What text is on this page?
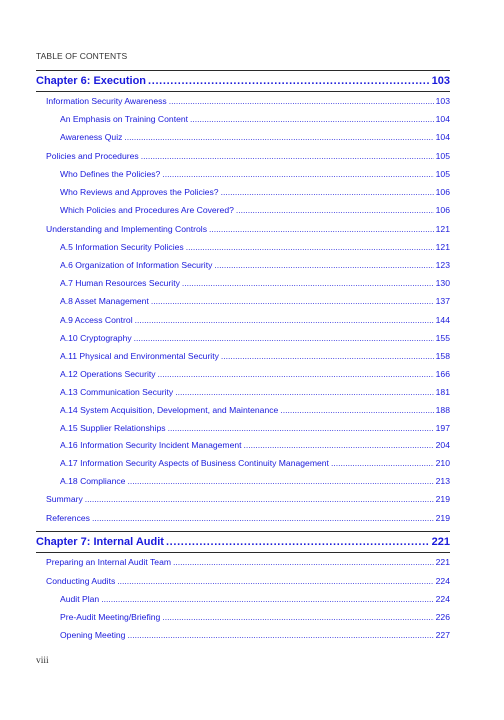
TABLE OF CONTENTS
Chapter 6: Execution . . .	103
Information Security Awareness . . .	103
An Emphasis on Training Content . . .	104
Awareness Quiz . . .	104
Policies and Procedures . . .	105
Who Defines the Policies? . . .	105
Who Reviews and Approves the Policies? . . .	106
Which Policies and Procedures Are Covered? . . .	106
Understanding and Implementing Controls . . .	121
A.5 Information Security Policies . . .	121
A.6 Organization of Information Security . . .	123
A.7 Human Resources Security . . .	130
A.8 Asset Management . . .	137
A.9 Access Control . . .	144
A.10 Cryptography . . .	155
A.11 Physical and Environmental Security . . .	158
A.12 Operations Security . . .	166
A.13 Communication Security . . .	181
A.14 System Acquisition, Development, and Maintenance . . .	188
A.15 Supplier Relationships . . .	197
A.16 Information Security Incident Management . . .	204
A.17 Information Security Aspects of Business Continuity Management . . .	210
A.18 Compliance . . .	213
Summary . . .	219
References . . .	219
Chapter 7: Internal Audit . . .	221
Preparing an Internal Audit Team . . .	221
Conducting Audits . . .	224
Audit Plan . . .	224
Pre-Audit Meeting/Briefing . . .	226
Opening Meeting . . .	227
viii
